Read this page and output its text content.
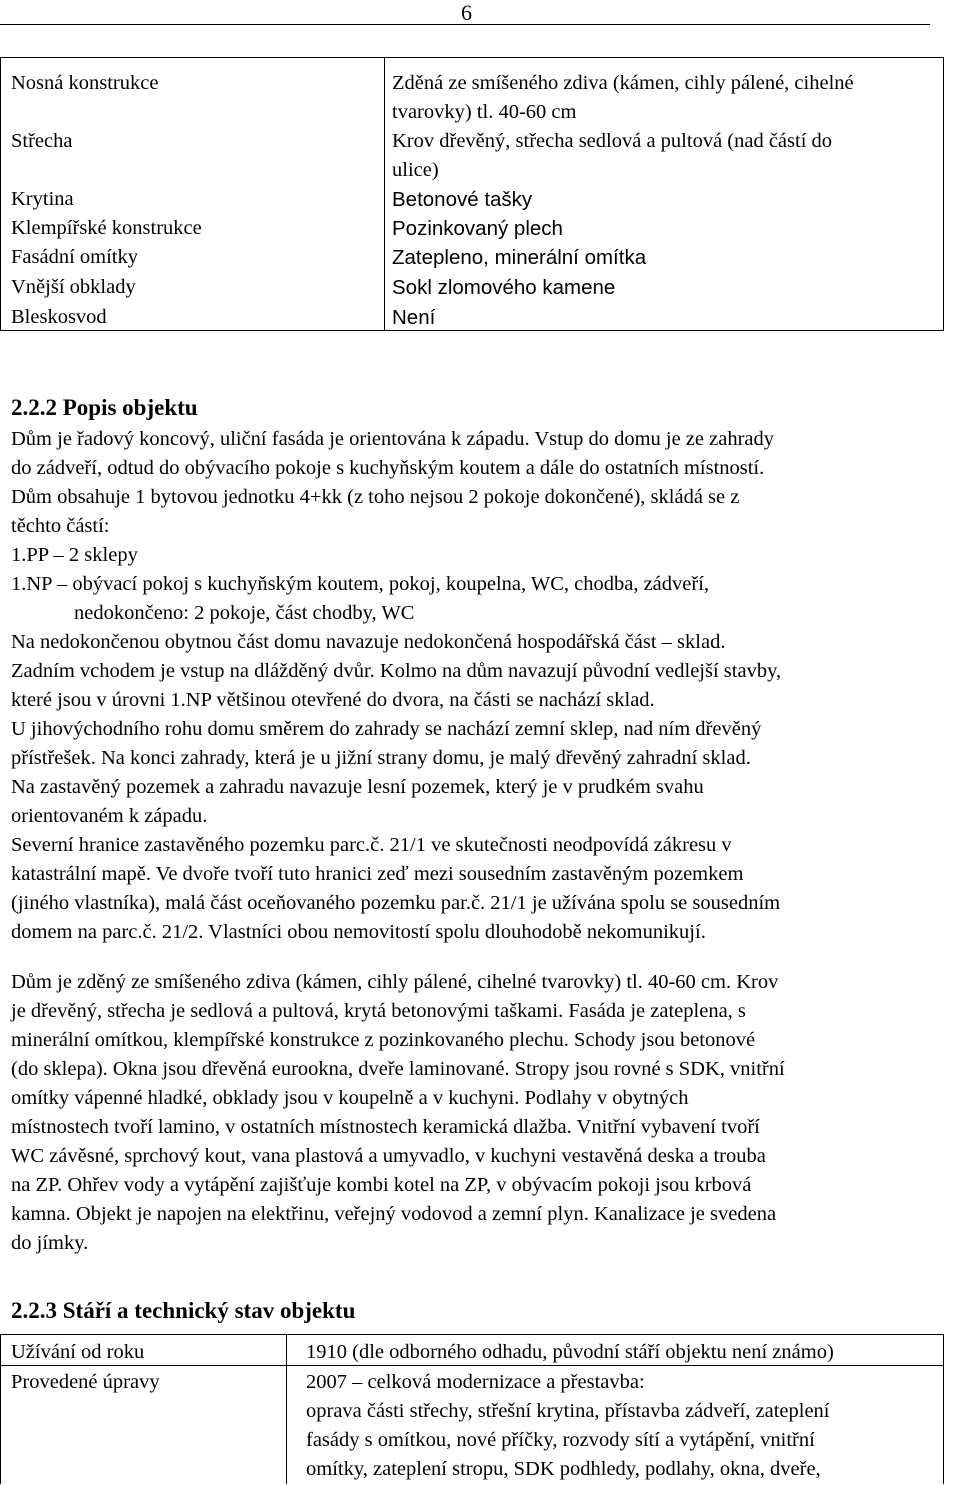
6
Nosná konstrukce	Zděná ze smíšeného zdiva (kámen, cihly pálené, cihelné
tvarovky) tl. 40-60 cm
Střecha	Krov dřevěný, střecha sedlová a pultová (nad částí do
ulice)
Krytina	Betonové tašky
Klempířské konstrukce	Pozinkovaný plech
Fasádní omítky	Zatepleno, minerální omítka
Vnější obklady	Sokl zlomového kamene
Bleskosvod	Není
2.2.2 Popis objektu

Dům je řadový koncový, uliční fasáda je orientována k západu. Vstup do domu je ze zahrady

do zádveří, odtud do obývacího pokoje s kuchyňským koutem a dále do ostatních místností.

Dům obsahuje 1 bytovou jednotku 4+kk (z toho nejsou 2 pokoje dokončené), skládá se z

těchto částí:

1.PP – 2 sklepy

1.NP – obývací pokoj s kuchyňským koutem, pokoj, koupelna, WC, chodba, zádveří,

nedokončeno: 2 pokoje, část chodby, WC

Na nedokončenou obytnou část domu navazuje nedokončená hospodářská část – sklad.

Zadním vchodem je vstup na dlážděný dvůr. Kolmo na dům navazují původní vedlejší stavby,

které jsou v úrovni 1.NP většinou otevřené do dvora, na části se nachází sklad.

U jihovýchodního rohu domu směrem do zahrady se nachází zemní sklep, nad ním dřevěný

přístřešek. Na konci zahrady, která je u jižní strany domu, je malý dřevěný zahradní sklad.

Na zastavěný pozemek a zahradu navazuje lesní pozemek, který je v prudkém svahu

orientovaném k západu.

Severní hranice zastavěného pozemku parc.č. 21/1 ve skutečnosti neodpovídá zákresu v

katastrální mapě. Ve dvoře tvoří tuto hranici zeď mezi sousedním zastavěným pozemkem

(jiného vlastníka), malá část oceňovaného pozemku par.č. 21/1 je užívána spolu se sousedním

domem na parc.č. 21/2. Vlastníci obou nemovitostí spolu dlouhodobě nekomunikují.

Dům je zděný ze smíšeného zdiva (kámen, cihly pálené, cihelné tvarovky) tl. 40-60 cm. Krov

je dřevěný, střecha je sedlová a pultová, krytá betonovými taškami. Fasáda je zateplena, s

minerální omítkou, klempířské konstrukce z pozinkovaného plechu. Schody jsou betonové

(do sklepa). Okna jsou dřevěná eurookna, dveře laminované. Stropy jsou rovné s SDK, vnitřní

omítky vápenné hladké, obklady jsou v koupelně a v kuchyni. Podlahy v obytných

místnostech tvoří lamino, v ostatních místnostech keramická dlažba. Vnitřní vybavení tvoří

WC závěsné, sprchový kout, vana plastová a umyvadlo, v kuchyni vestavěná deska a trouba

na ZP. Ohřev vody a vytápění zajišťuje kombi kotel na ZP, v obývacím pokoji jsou krbová

kamna. Objekt je napojen na elektřinu, veřejný vodovod a zemní plyn. Kanalizace je svedena

do jímky.

2.2.3 Stáří a technický stav objektu
Užívání od roku	1910 (dle odborného odhadu, původní stáří objektu není známo)
Provedené úpravy	2007 – celková modernizace a přestavba:
oprava části střechy, střešní krytina, přístavba zádveří, zateplení
fasády s omítkou, nové příčky, rozvody sítí a vytápění, vnitřní
omítky, zateplení stropu, SDK podhledy, podlahy, okna, dveře,
